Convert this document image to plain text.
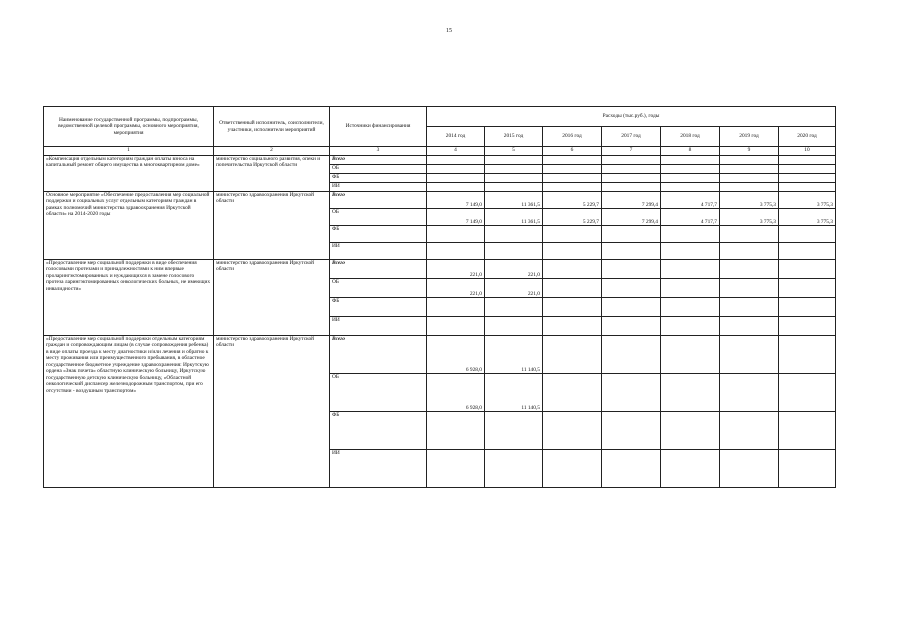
15
Наименование государственной программы, подпрограммы, ведомственной целевой программы, основного мероприятия, мероприятия	Ответственный исполнитель, соисполнители, участники, исполнители мероприятий	Источники финансирования	Расходы (тыс.руб.), годы						
			2014 год	2015 год	2016 год	2017 год	2018 год	2019 год	2020 год
1	2	3	4	5	6	7	8	9	10
«Компенсация отдельным категориям граждан оплаты взноса на капитальный ремонт общего имущества в многоквартирном доме»	министерство социального развития, опеки и попечительства Иркутской области	Всего							
		ОБ							
		ФБ							
		ИИ							
Основное мероприятие «Обеспечение предоставления мер социальной поддержки и социальных услуг отдельным категориям граждан в рамках полномочий министерства здравоохранения Иркутской области» на 2014-2020 годы	министерство здравоохранения Иркутской области	Всего	7 149,0	11 361,5	5 229,7	7 299,4	4 717,7	3 775,3	3 775,3
		ОБ	7 149,0	11 361,5	5 229,7	7 299,4	4 717,7	3 775,3	3 775,3
		ФБ							
		ИИ							
«Предоставление мер социальной поддержки в виде обеспечения голосовыми протезами и принадлежностями к ним впервые проларингэктомированных и нуждающихся в замене голосового протеза ларингэктомированных онкологических больных, не имеющих инвалидности»	министерство здравоохранения Иркутской области	Всего	221,0	221,0					
		ОБ	221,0	221,0					
		ФБ							
		ИИ							
«Предоставление мер социальной поддержки отдельным категориям граждан и сопровождающим лицам (в случае сопровождения ребенка) в виде оплаты проезда к месту диагностики и/или лечения и обратно к месту проживания или преимущественного пребывания, в областное государственное бюджетное учреждение здравоохранения: Иркутскую ордена «Знак почета» областную клиническую больницу, Иркутскую государственную детскую клиническую больницу, «Областной онкологический диспансер железнодорожным транспортом, при его отсутствии - воздушным транспортом»	министерство здравоохранения Иркутской области	Всего	6 928,0	11 140,5					
		ОБ	6 928,0	11 140,5					
		ФБ							
		ИИ							
